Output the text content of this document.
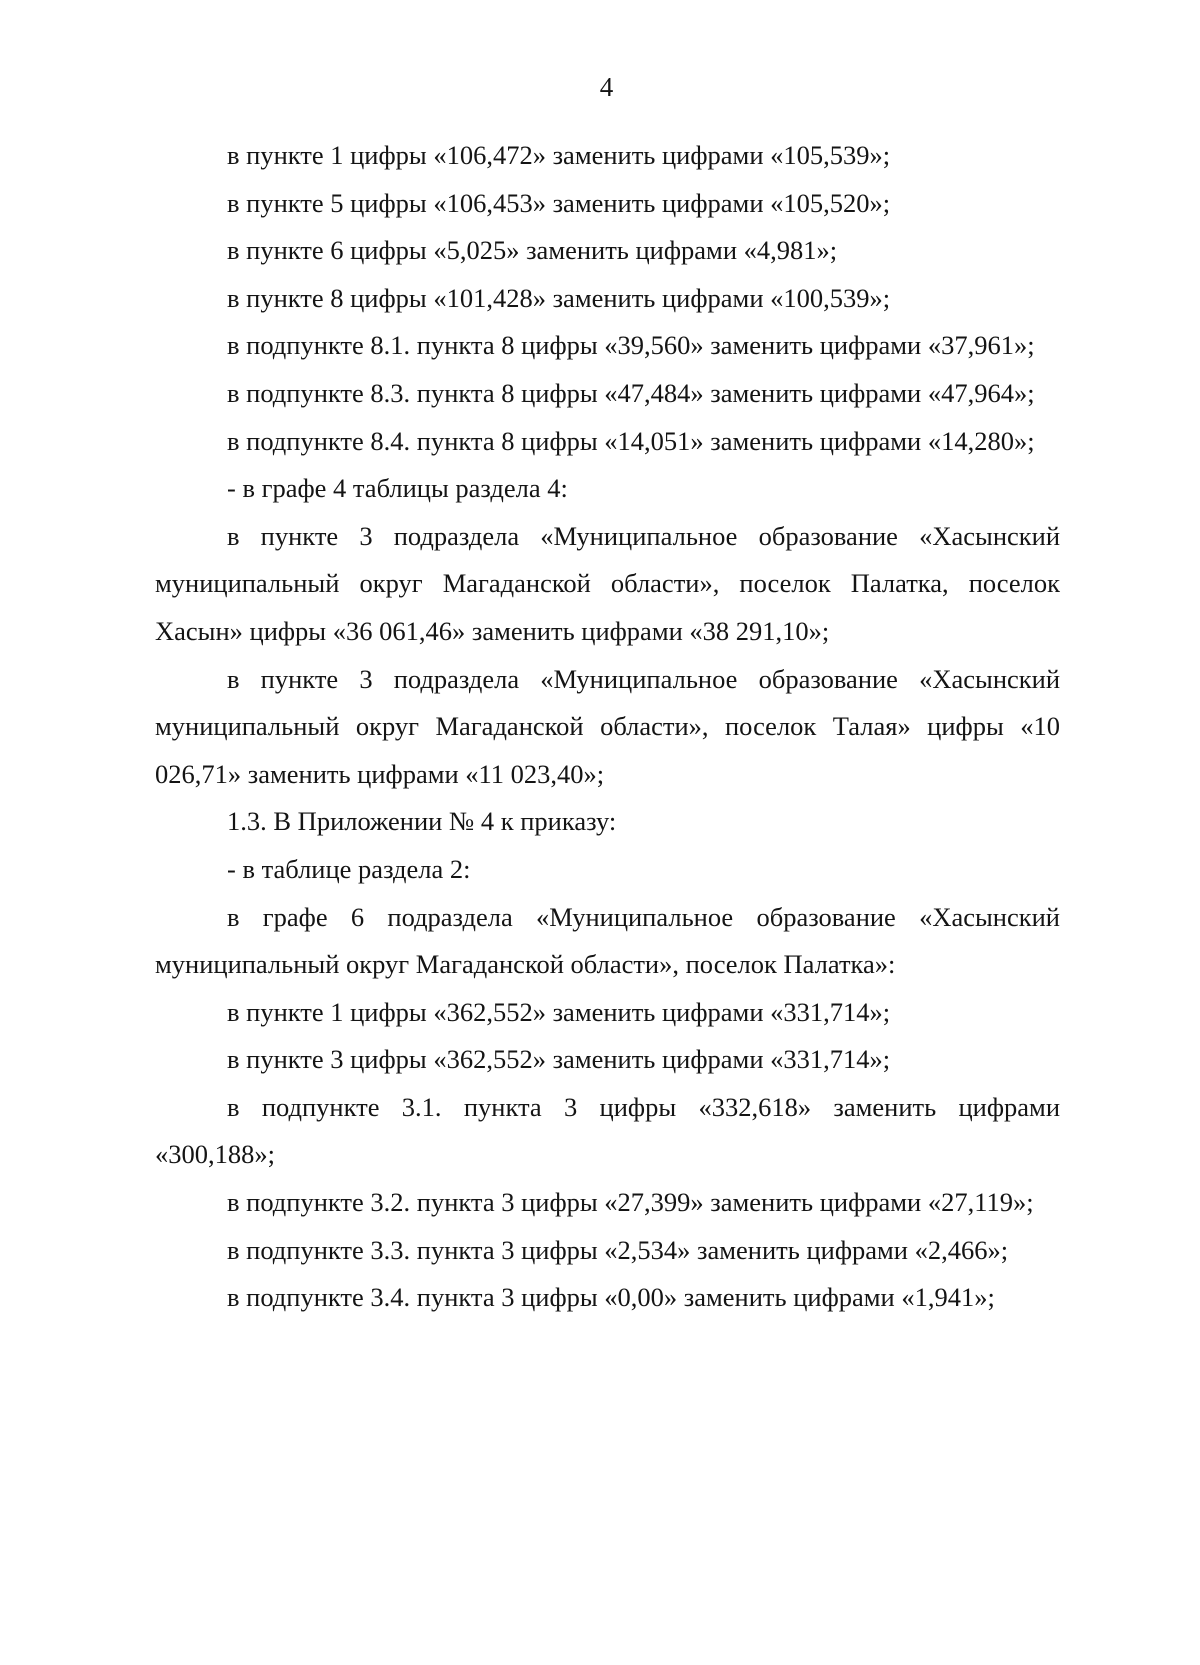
4

в пункте 1 цифры «106,472» заменить цифрами «105,539»;

в пункте 5 цифры «106,453» заменить цифрами «105,520»;

в пункте 6 цифры «5,025» заменить цифрами «4,981»;

в пункте 8 цифры «101,428» заменить цифрами «100,539»;

в подпункте 8.1. пункта 8 цифры «39,560» заменить цифрами «37,961»;

в подпункте 8.3. пункта 8 цифры «47,484» заменить цифрами «47,964»;

в подпункте 8.4. пункта 8 цифры «14,051» заменить цифрами «14,280»;

- в графе 4 таблицы раздела 4:

в пункте 3 подраздела «Муниципальное образование «Хасынский муниципальный округ Магаданской области», поселок Палатка, поселок Хасын» цифры «36 061,46» заменить цифрами «38 291,10»;

в пункте 3 подраздела «Муниципальное образование «Хасынский муниципальный округ Магаданской области», поселок Талая» цифры «10 026,71» заменить цифрами «11 023,40»;

1.3. В Приложении № 4 к приказу:

- в таблице раздела 2:

в графе 6 подраздела «Муниципальное образование «Хасынский муниципальный округ Магаданской области», поселок Палатка»:

в пункте 1 цифры «362,552» заменить цифрами «331,714»;

в пункте 3 цифры «362,552» заменить цифрами «331,714»;

в подпункте 3.1. пункта 3 цифры «332,618» заменить цифрами «300,188»;

в подпункте 3.2. пункта 3 цифры «27,399» заменить цифрами «27,119»;

в подпункте 3.3. пункта 3 цифры «2,534» заменить цифрами «2,466»;

в подпункте 3.4. пункта 3 цифры «0,00» заменить цифрами «1,941»;
